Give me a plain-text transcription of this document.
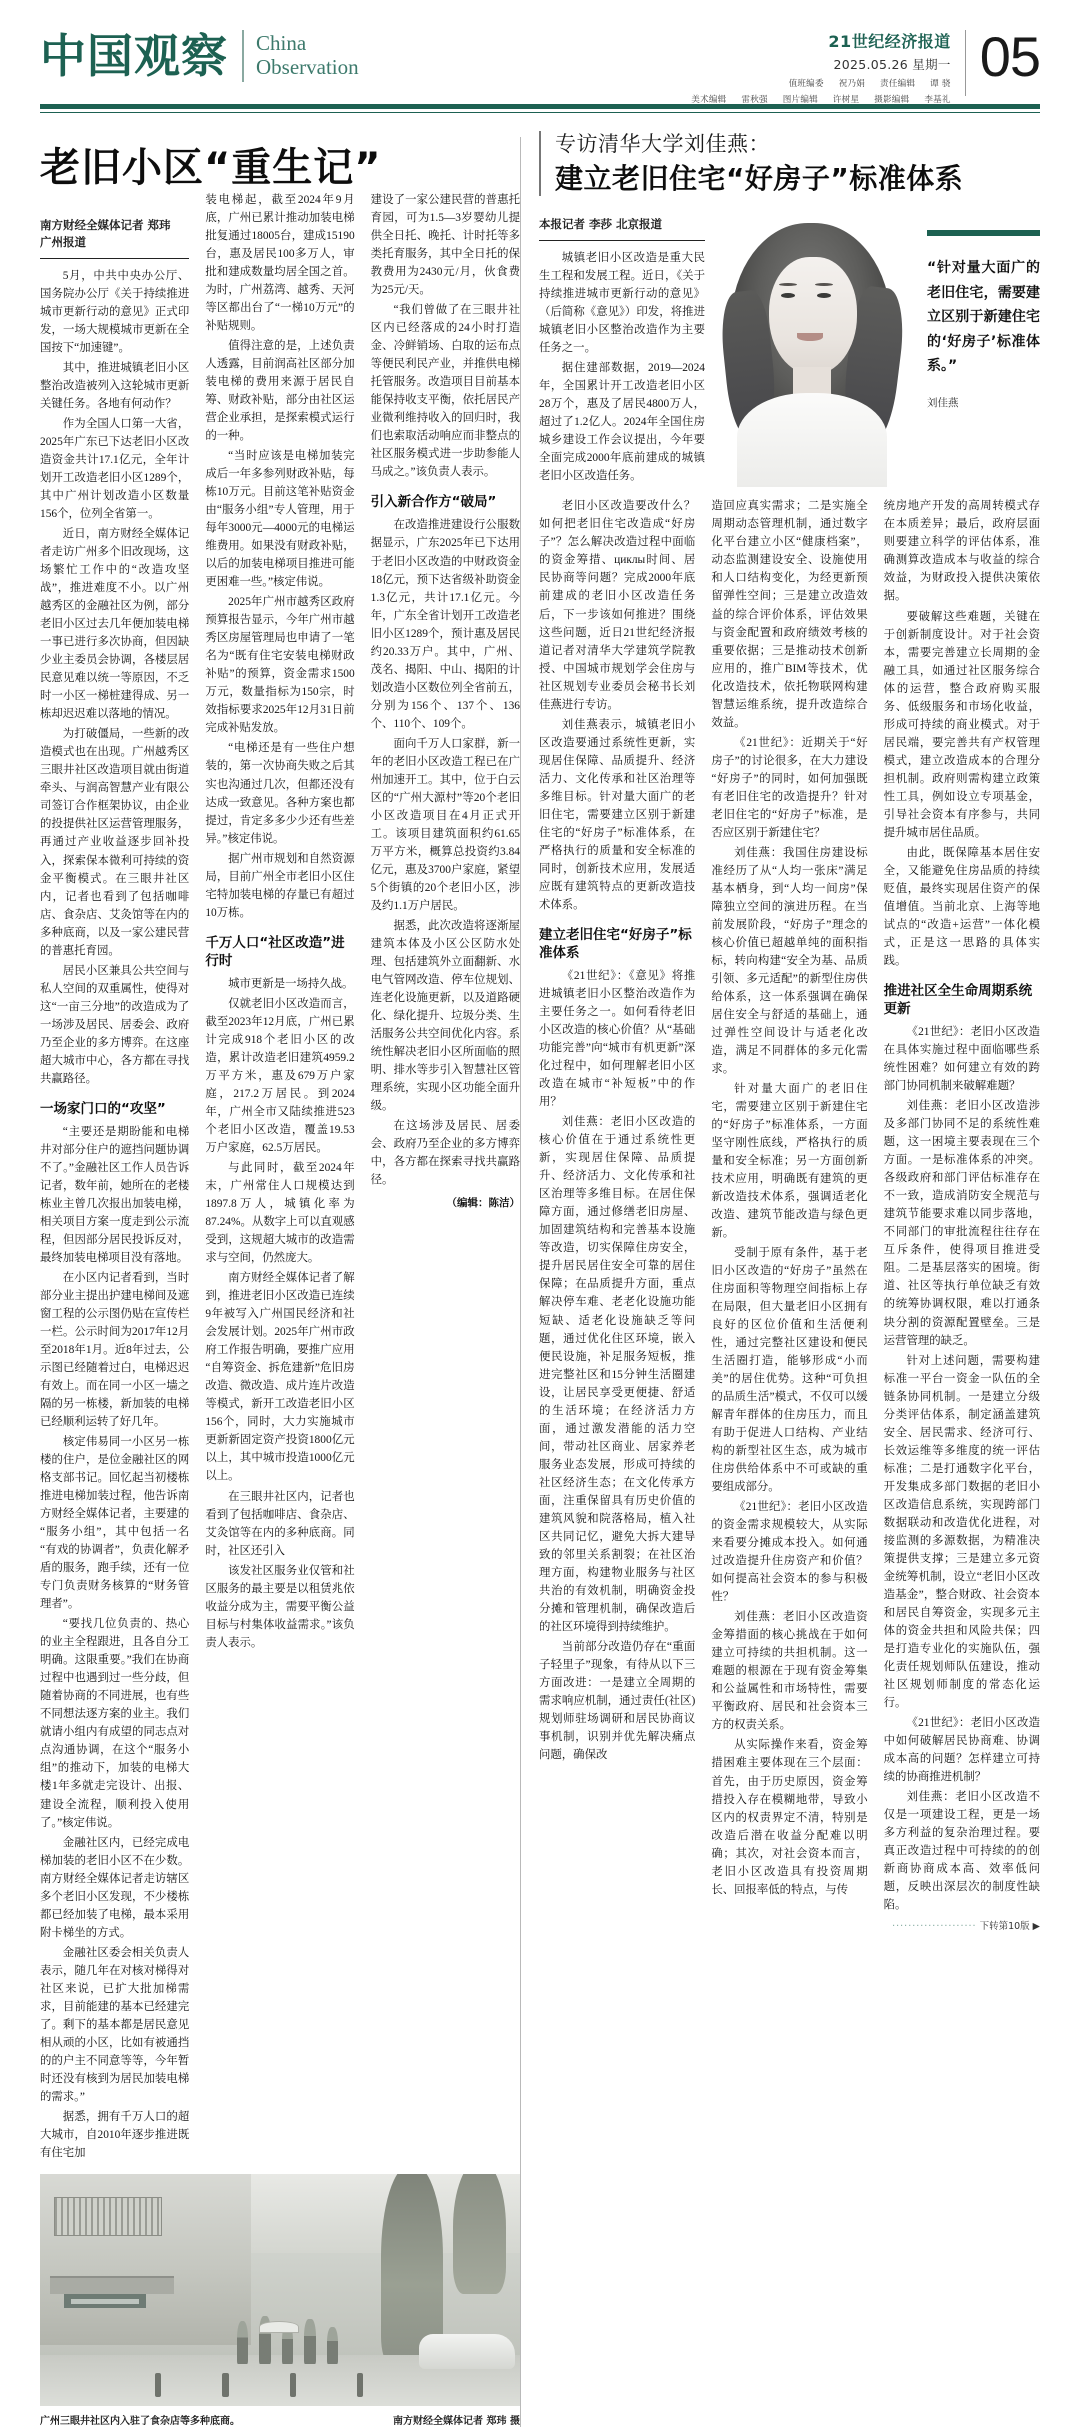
中国观察 China
Observation
21世纪经济报道
2025.05.26 星期一
值班编委 祝乃娟 责任编辑 谭 骁
美术编辑 雷秋强 图片编辑 许树星 摄影编辑 李基礼
05
老旧小区“重生记”
南方财经全媒体记者 郑玮
广州报道

5月，中共中央办公厅、国务院办公厅《关于持续推进城市更新行动的意见》正式印发，一场大规模城市更新在全国按下“加速键”。

其中，推进城镇老旧小区整治改造被列入这轮城市更新关键任务。各地有何动作？

作为全国人口第一大省，2025年广东已下达老旧小区改造资金共计17.1亿元，全年计划开工改造老旧小区1289个，其中广州计划改造小区数量156个，位列全省第一。

近日，南方财经全媒体记者走访广州多个旧改现场，这场繁忙工作中的“改造攻坚战”，推进难度不小。以广州越秀区的金融社区为例，部分老旧小区过去几年便加装电梯一事已进行多次协商，但因缺少业主委员会协调，各楼层居民意见难以统一等原因，不乏时一小区一梯桩建得成、另一栋却迟迟难以落地的情况。

为打破僵局，一些新的改造模式也在出现。广州越秀区三眼井社区改造项目就由街道牵头、与润高智慧产业有限公司签订合作框架协议，由企业的投提供社区运营管理服务，再通过产业收益逐步回补投入，探索保本微利可持续的资金平衡模式。在三眼井社区内，记者也看到了包括咖啡店、食杂店、艾灸馆等在内的多种底商，以及一家公建民营的普惠托育园。

居民小区兼具公共空间与私人空间的双重属性，使得对这“一亩三分地”的改造成为了一场涉及居民、居委会、政府乃至企业的多方博弈。在这座超大城市中心，各方都在寻找共赢路径。

一场家门口的“攻坚”

“主要还是期盼能和电梯井对部分住户的遮挡问题协调不了。”金融社区工作人员告诉记者，数年前，她所在的老楼栋业主曾几次报出加装电梯，相关项目方案一度走到公示流程，但因部分居民投诉反对，最终加装电梯项目没有落地。

在小区内记者看到，当时部分业主提出护建电梯间及遮窗工程的公示图仍贴在宣传栏一栏。公示时间为2017年12月至2018年1月。近8年过去，公示图已经随着过白，电梯迟迟有效上。而在同一小区一墙之隔的另一栋楼，新加装的电梯已经顺利运转了好几年。

核定伟易同一小区另一栋楼的住户，是位金融社区的网格支部书记。回忆起当初楼栋推进电梯加装过程，他告诉南方财经全媒体记者，主要建的“服务小组”，其中包括一名“有戏的协调者”，负责化解矛盾的服务，跑手续，还有一位专门负责财务核算的“财务管理者”。

“要找几位负责的、热心的业主全程跟进，且各自分工明确。这限重要。”我们在协商过程中也遇到过一些分歧，但随着协商的不同进展，也有些不同想法逐方案的业主。我们就请小组内有成望的同志点对点沟通协调，在这个“服务小组”的推动下，加装的电梯大楼1年多就走完设计、出报、建设全流程，顺利投入使用了。”核定伟说。

金融社区内，已经完成电梯加装的老旧小区不在少数。南方财经全媒体记者走访辖区多个老旧小区发现，不少楼栋都已经加装了电梯，最本采用附卡梯坐的方式。

金融社区委会相关负责人表示，随几年在对核对梯得对社区来说，已扩大批加梯需求，目前能建的基本已经建完了。剩下的基本都是居民意见相从顽的小区，比如有被通挡的的户主不同意等等，今年暂时还没有核到为居民加装电梯的需求。”

据悉，拥有千万人口的超大城市，自2010年逐步推进既有住宅加

装电梯起，截至2024年9月底，广州已累计推动加装电梯批复通过18005台，建成15190台，惠及居民100多万人，审批和建成数量均居全国之首。为时，广州荔湾、越秀、天河等区都出台了“一梯10万元”的补贴规则。

值得注意的是，上述负责人透露，目前润高社区部分加装电梯的费用来源于居民自筹、财政补贴，部分由社区运营企业承担，是探索模式运行的一种。

“当时应该是电梯加装完成后一年多参列财政补贴，每栋10万元。目前这笔补贴资金由“服务小组”专人管理，用于每年3000元—4000元的电梯运维费用。如果没有财政补贴，以后的加装电梯项目推进可能更困难一些。”核定伟说。

2025年广州市越秀区政府预算报告显示，今年广州市越秀区房屋管理局也申请了一笔名为“既有住宅安装电梯财政补贴”的预算，资金需求1500万元，数量指标为150宗，时效指标要求2025年12月31日前完成补贴发放。

“电梯还是有一些住户想装的，第一次协商失败之后其实也沟通过几次，但都还没有达成一致意见。各种方案也都提过，肯定多多少少还有些差异。”核定伟说。

据广州市规划和自然资源局，目前广州全市老旧小区住宅特加装电梯的存量已有超过10万栋。

千万人口“社区改造”进行时

城市更新是一场持久战。

仅就老旧小区改造而言，截至2023年12月底，广州已累计完成918个老旧小区的改造，累计改造老旧建筑4959.2万平方米，惠及679万户家庭，217.2万居民。到2024年，广州全市又陆续推进523个老旧小区改造，覆盖19.53万户家庭，62.5万居民。

与此同时，截至2024年末，广州常住人口规模达到1897.8万人，城镇化率为87.24%。从数字上可以直观感受到，这规超大城市的改造需求与空间，仍然庞大。

南方财经全媒体记者了解到，推进老旧小区改造已连续9年被写入广州国民经济和社会发展计划。2025年广州市政府工作报告明确，要推广应用“自筹资金、拆危建新”危旧房改造、微改造、成片连片改造等模式，新开工改造老旧小区156个，同时，大力实施城市更新新固定资产投资1800亿元以上，其中城市投造1000亿元以上。

在三眼井社区内，记者也看到了包括咖啡店、食杂店、艾灸馆等在内的多种底商。同时，社区还引入

该发社区服务业仅管和社区服务的最主要是以租赁兆依收益分成为主，需要平衡公益目标与村集体收益需求。”该负责人表示。

建设了一家公建民营的普惠托育园，可为1.5—3岁婴幼儿提供全日托、晚托、计时托等多类托育服务，其中全日托的保教费用为2430元/月，伙食费为25元/天。

“我们曾做了在三眼井社区内已经落成的24小时打造金、冷鲜销场、白取的运布点等便民利民产业，并推供电梯托管服务。改造项目目前基本能保持收支平衡，依托居民产业微利维持收入的回归时，我们也索取活动响应而非整点的社区服务模式进一步助参能人马成之。”该负责人表示。

引入新合作方“破局”

在改造推进建设行公服数据显示，广东2025年已下达用于老旧小区改造的中财政资金18亿元，预下达省级补助资金1.3亿元，共计17.1亿元。今年，广东全省计划开工改造老旧小区1289个，预计惠及居民约20.33万户。其中，广州、茂名、揭阳、中山、揭阳的计划改造小区数位列全省前五，分别为156个、137个、136个、110个、109个。

面向千万人口家群，新一年的老旧小区改造工程已在广州加速开工。其中，位于白云区的“广州大源村”等20个老旧小区改造项目在4月正式开工。该项目建筑面积约61.65万平方米，概算总投资约3.84亿元，惠及3700户家庭，紧望5个街镇的20个老旧小区，涉及约1.1万户居民。

据悉，此次改造将逐渐屋建筑本体及小区公区防水处理、包括建筑外立面翻新、水电气管网改造、停车位规划、连老化设施更新，以及道路硬化、绿化提升、垃圾分类、生活服务公共空间优化内容。系统性解决老旧小区所面临的照明、排水等步引入智慧社区管理系统，实现小区功能全面升级。

在这场涉及居民、居委会、政府乃至企业的多方博弈中，各方都在探索寻找共赢路径。

（编辑：陈洁）
广州三眼井社区内入驻了食杂店等多种底商。	南方财经全媒体记者 郑玮 摄
专访清华大学刘佳燕：
建立老旧住宅“好房子”标准体系
本报记者 李莎 北京报道

城镇老旧小区改造是重大民生工程和发展工程。近日，《关于持续推进城市更新行动的意见》（后简称《意见》）印发，将推进城镇老旧小区整治改造作为主要任务之一。

据住建部数据，2019—2024年，全国累计开工改造老旧小区28万个，惠及了居民4800万人，超过了1.2亿人。2024年全国住房城乡建设工作会议提出，今年要全面完成2000年底前建成的城镇老旧小区改造任务。

“针对量大面广的老旧住宅，需要建立区别于新建住宅的‘好房子’标准体系。”
刘佳燕

老旧小区改造要改什么？如何把老旧住宅改造成“好房子”？怎么解决改造过程中面临的资金筹措、циклы时间、居民协商等问题？完成2000年底前建成的老旧小区改造任务后，下一步该如何推进？围绕这些问题，近日21世纪经济报道记者对清华大学建筑学院教授、中国城市规划学会住房与社区规划专业委员会秘书长刘佳燕进行专访。

刘佳燕表示，城镇老旧小区改造要通过系统性更新，实现居住保障、品质提升、经济活力、文化传承和社区治理等多维目标。针对量大面广的老旧住宅，需要建立区别于新建住宅的“好房子”标准体系，在严格执行的质量和安全标准的同时，创新技术应用，发展适应既有建筑特点的更新改造技术体系。

建立老旧住宅“好房子”标准体系

《21世纪》：《意见》将推进城镇老旧小区整治改造作为主要任务之一。如何看待老旧小区改造的核心价值？从“基础功能完善”向“城市有机更新”深化过程中，如何理解老旧小区改造在城市“补短板”中的作用？

刘佳燕：老旧小区改造的核心价值在于通过系统性更新，实现居住保障、品质提升、经济活力、文化传承和社区治理等多维目标。在居住保障方面，通过修缮老旧房屋、加固建筑结构和完善基本设施等改造，切实保障住房安全，提升居民居住安全可靠的居住保障；在品质提升方面，重点解决停车难、老老化设施功能短缺、适老化设施缺乏等问题，通过优化住区环境，嵌入便民设施，补足服务短板，推进完整社区和15分钟生活圈建设，让居民享受更便捷、舒适的生活环境；在经济活力方面，通过激发潜能的活力空间，带动社区商业、居家养老服务业态发展，形成可持续的社区经济生态；在文化传承方面，注重保留具有历史价值的建筑风貌和院落格局，植入社区共同记忆，避免大拆大建导致的邻里关系割裂；在社区治理方面，构建物业服务与社区共治的有效机制，明确资金投分摊和管理机制，确保改造后的社区环境得到持续维护。

当前部分改造仍存在“重面子轻里子”现象，有待从以下三方面改进：一是建立全周期的需求响应机制，通过责任(社区)规划师驻场调研和居民协商议事机制，识别并优先解决痛点问题，确保改

造回应真实需求；二是实施全周期动态管理机制，通过数字化平台建立小区“健康档案”，动态监测建设安全、设施使用和人口结构变化，为经更新预留弹性空间；三是建立改造效益的综合评价体系，评估效果与资金配置和政府绩效考核的重要依据；三是推动技术创新应用的，推广BIM等技术，优化改造技术，依托物联网构建智慧运维系统，提升改造综合效益。

《21世纪》：近期关于“好房子”的讨论很多，在大力建设“好房子”的同时，如何加强既有老旧住宅的改造提升？针对老旧住宅的“好房子”标准，是否应区别于新建住宅？

刘佳燕：我国住房建设标准经历了从“人均一张床”满足基本栖身，到“人均一间房”保障独立空间的演进历程。在当前发展阶段，“好房子”理念的核心价值已超越单纯的面积指标，转向构建“安全为基、品质引领、多元适配”的新型住房供给体系，这一体系强调在确保居住安全与舒适的基础上，通过弹性空间设计与适老化改造，满足不同群体的多元化需求。

针对量大面广的老旧住宅，需要建立区别于新建住宅的“好房子”标准体系，一方面坚守刚性底线，严格执行的质量和安全标准；另一方面创新技术应用，明确既有建筑的更新改造技术体系，强调适老化改造、建筑节能改造与绿色更新。

受制于原有条件，基于老旧小区改造的“好房子”虽然在住房面积等物理空间指标上存在局限，但大量老旧小区拥有良好的区位价值和生活便利性，通过完整社区建设和便民生活圈打造，能够形成“小而美”的居住优势。这种“可负担的品质生活”模式，不仅可以缓解青年群体的住房压力，而且有助于促进人口结构、产业结构的新型社区生态，成为城市住房供给体系中不可或缺的重要组成部分。

《21世纪》：老旧小区改造的资金需求规模较大，从实际来看要分摊成本投入。如何通过改造提升住房资产和价值？如何提高社会资本的参与积极性？

刘佳燕：老旧小区改造资金筹措面的核心挑战在于如何建立可持续的共担机制。这一难题的根源在于现有资金筹集和公益属性和市场特性，需要平衡政府、居民和社会资本三方的权责关系。

从实际操作来看，资金筹措困难主要体现在三个层面：首先，由于历史原因，资金筹措投入存在模糊地带，导致小区内的权责界定不清，特别是改造后潜在收益分配难以明确；其次，对社会资本而言，老旧小区改造具有投资周期长、回报率低的特点，与传

统房地产开发的高周转模式存在本质差异；最后，政府层面则要建立科学的评估体系，准确测算改造成本与收益的综合效益，为财政投入提供决策依据。

要破解这些难题，关键在于创新制度设计。对于社会资本，需要完善建立长周期的金融工具，如通过社区服务综合体的运营，整合政府购买服务、低级服务和市场化收益，形成可持续的商业模式。对于居民端，要完善共有产权管理模式，建立改造成本的合理分担机制。政府则需构建立政策性工具，例如设立专项基金，引导社会资本有序参与，共同提升城市居住品质。

由此，既保障基本居住安全，又能避免住房品质的持续贬值，最终实现居住资产的保值增值。当前北京、上海等地试点的“改造+运营”一体化模式，正是这一思路的具体实践。

推进社区全生命周期系统更新

《21世纪》：老旧小区改造在具体实施过程中面临哪些系统性困难？如何建立有效的跨部门协同机制来破解难题？

刘佳燕：老旧小区改造涉及多部门协同不足的系统性难题，这一困境主要表现在三个方面。一是标准体系的冲突。各级政府和部门评估标准存在不一致，造成消防安全规范与建筑节能要求难以同步落地，不同部门的审批流程往往存在互斥条件，使得项目推进受阻。二是基层落实的困境。街道、社区等执行单位缺乏有效的统筹协调权限，难以打通条块分割的资源配置壁垒。三是运营管理的缺乏。

针对上述问题，需要构建标准一平台一资金一队伍的全链条协同机制。一是建立分级分类评估体系，制定涵盖建筑安全、居民需求、经济可行、长效运维等多维度的统一评估标准；二是打通数字化平台，开发集成多部门数据的老旧小区改造信息系统，实现跨部门数据联动和改造优化进程，对接监测的多源数据，为精准决策提供支撑；三是建立多元资金统筹机制，设立“老旧小区改造基金”，整合财政、社会资本和居民自筹资金，实现多元主体的资金共担和风险共保；四是打造专业化的实施队伍，强化责任规划师队伍建设，推动社区规划师制度的常态化运行。

《21世纪》：老旧小区改造中如何破解居民协商难、协调成本高的问题？怎样建立可持续的协商推进机制？

刘佳燕：老旧小区改造不仅是一项建设工程，更是一场多方利益的复杂治理过程。要真正改造过程中可持续的的创新商协商成本高、效率低问题，反映出深层次的制度性缺陷。

····················· 下转第10版 ▶
